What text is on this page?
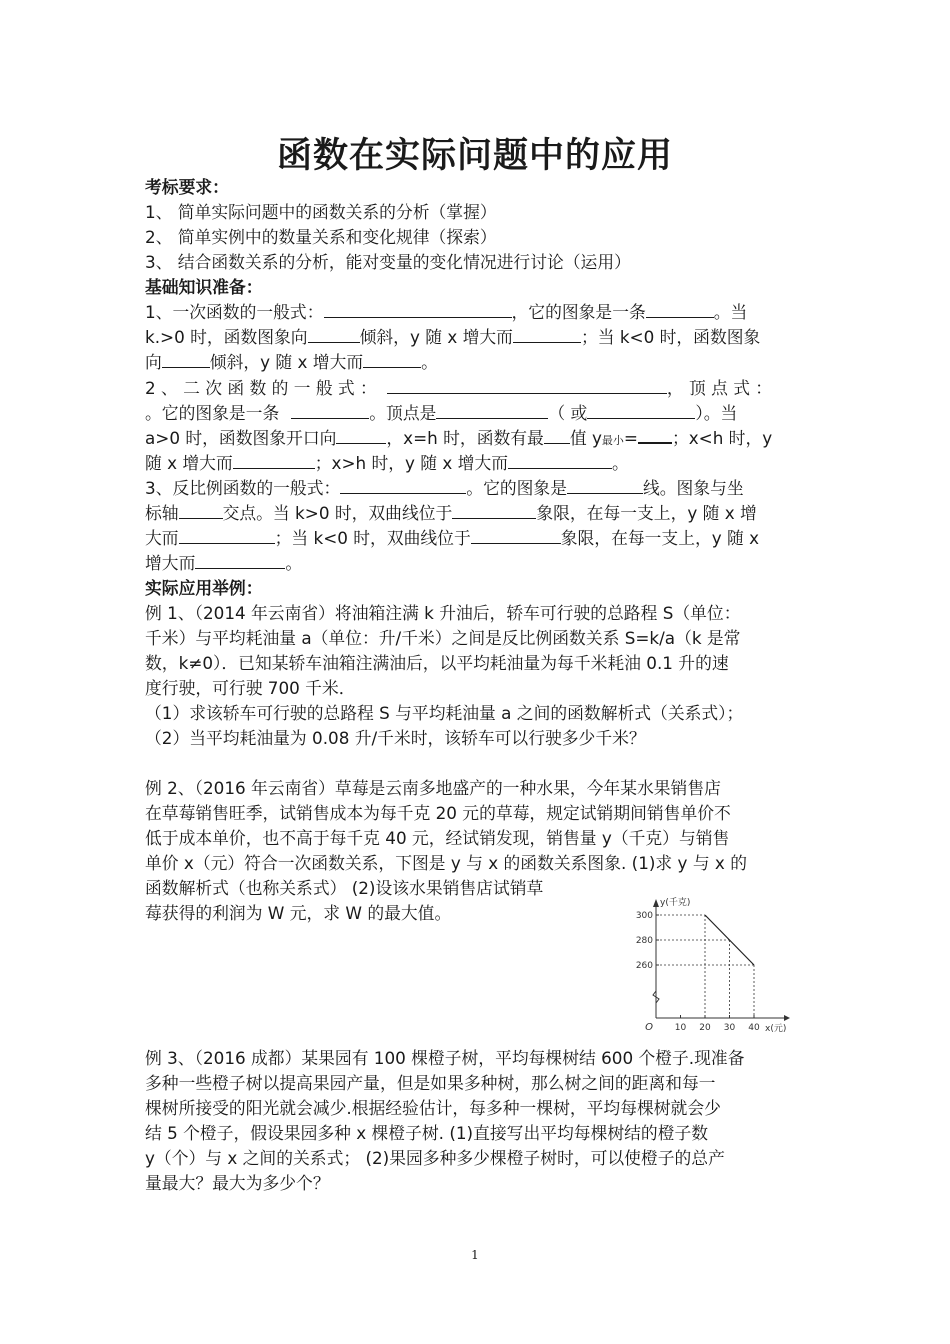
函数在实际问题中的应用
考标要求：
1、 简单实际问题中的函数关系的分析（掌握）
2、 简单实例中的数量关系和变化规律（探索）
3、 结合函数关系的分析，能对变量的变化情况进行讨论（运用）
基础知识准备：
1、一次函数的一般式：	，它的图象是一条	。当
k.>0 时，函数图象向	倾斜，y 随 x 增大而	；当 k<0 时，函数图象
向	倾斜，y 随 x 增大而	。
2 、 二 次 函 数 的 一 般 式 ：	， 顶 点 式 ：
。它的图象是一条	。顶点是	（ 或	）。当
a>0 时，函数图象开口向	，x=h 时，函数有最 值 y最小= ；x<h 时，y
随 x 增大而	；x>h 时，y 随 x 增大而	。
3、反比例函数的一般式：	。它的图象是	线。图象与坐
标轴	交点。当 k>0 时，双曲线位于	象限，在每一支上，y 随 x 增
大而	；当 k<0 时，双曲线位于	象限，在每一支上，y 随 x
增大而	。
实际应用举例：
例 1、（2014 年云南省）将油箱注满 k 升油后，轿车可行驶的总路程 S（单位：
千米）与平均耗油量 a（单位：升/千米）之间是反比例函数关系 S=k/a（k 是常
数，k≠0）．已知某轿车油箱注满油后，以平均耗油量为每千米耗油 0.1 升的速
度行驶，可行驶 700 千米．
（1）求该轿车可行驶的总路程 S 与平均耗油量 a 之间的函数解析式（关系式）；
（2）当平均耗油量为 0.08 升/千米时，该轿车可以行驶多少千米？
例 2、（2016 年云南省）草莓是云南多地盛产的一种水果，今年某水果销售店
在草莓销售旺季，试销售成本为每千克 20 元的草莓，规定试销期间销售单价不
低于成本单价，也不高于每千克 40 元，经试销发现，销售量 y（千克）与销售
单价 x（元）符合一次函数关系，下图是 y 与 x 的函数关系图象. (1)求 y 与 x 的
函数解析式（也称关系式） (2)设该水果销售店试销草
莓获得的利润为 W 元，求 W 的最大值。
10 20 30 40
260
280
300
y(千克)
x(元)
O
例 3、（2016 成都）某果园有 100 棵橙子树，平均每棵树结 600 个橙子.现准备
多种一些橙子树以提高果园产量，但是如果多种树，那么树之间的距离和每一
棵树所接受的阳光就会减少.根据经验估计，每多种一棵树，平均每棵树就会少
结 5 个橙子，假设果园多种 x 棵橙子树. (1)直接写出平均每棵树结的橙子数
y（个）与 x 之间的关系式； (2)果园多种多少棵橙子树时，可以使橙子的总产
量最大？最大为多少个？
1
